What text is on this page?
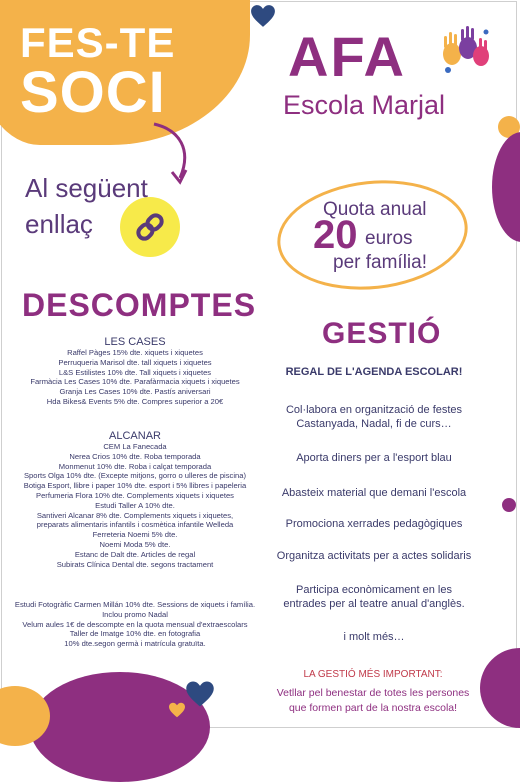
FES-TE
SOCI
AFA
Escola Marjal
Al següent
enllaç	Quota anual
20 euros
per família!
DESCOMPTES
LES CASES
Raffel Pàges 15% dte. xiquets i xiquetes
Perruqueria Marisol dte. tall xiquets i xiquetes
L&S Estilistes 10% dte. Tall xiquets i xiquetes
Farmàcia Les Cases 10% dte. Parafàrmacia xiquets i xiquetes
Granja Les Cases 10% dte. Pastís aniversari
Hda Bikes& Events 5% dte. Compres superior a 20€
ALCANAR
CEM La Fanecada
Nerea Crios 10% dte. Roba temporada
Monmenut 10% dte. Roba i calçat temporada
Sports Olga 10% dte. (Excepte mitjons, gorro o ulleres de piscina)
Botiga Esport, llibre i paper 10% dte. esport i 5% llibres i papeleria
Perfumeria Flora 10% dte. Complements xiquets i xiquetes
Estudi Taller A 10% dte.
Santiveri Alcanar 8% dte. Complements xiquets i xiquetes,
preparats alimentaris infantils i cosmètica infantile Welleda
Ferreteria Noemi 5% dte.
Noemi Moda 5% dte.
Estanc de Dalt dte. Articles de regal
Subirats Clínica Dental dte. segons tractament
Estudi Fotogràfic Carmen Millán 10% dte. Sessions de xiquets i família.
Inclou promo Nadal
Velum aules 1€ de descompte en la quota mensual d'extraescolars
Taller de Imatge 10% dte. en fotografia
10% dte.segon germà i matrícula gratuïta.
GESTIÓ
REGAL DE L'AGENDA ESCOLAR!
Col·labora en organització de festes
Castanyada, Nadal, fi de curs…
Aporta diners per a l'esport blau
Abasteix material que demani l'escola
Promociona xerrades pedagògiques
Organitza activitats per a actes solidaris
Participa econòmicament en les
entrades per al teatre anual d'anglès.
i molt més…
LA GESTIÓ MÉS IMPORTANT:
Vetllar pel benestar de totes les persones
que formen part de la nostra escola!
